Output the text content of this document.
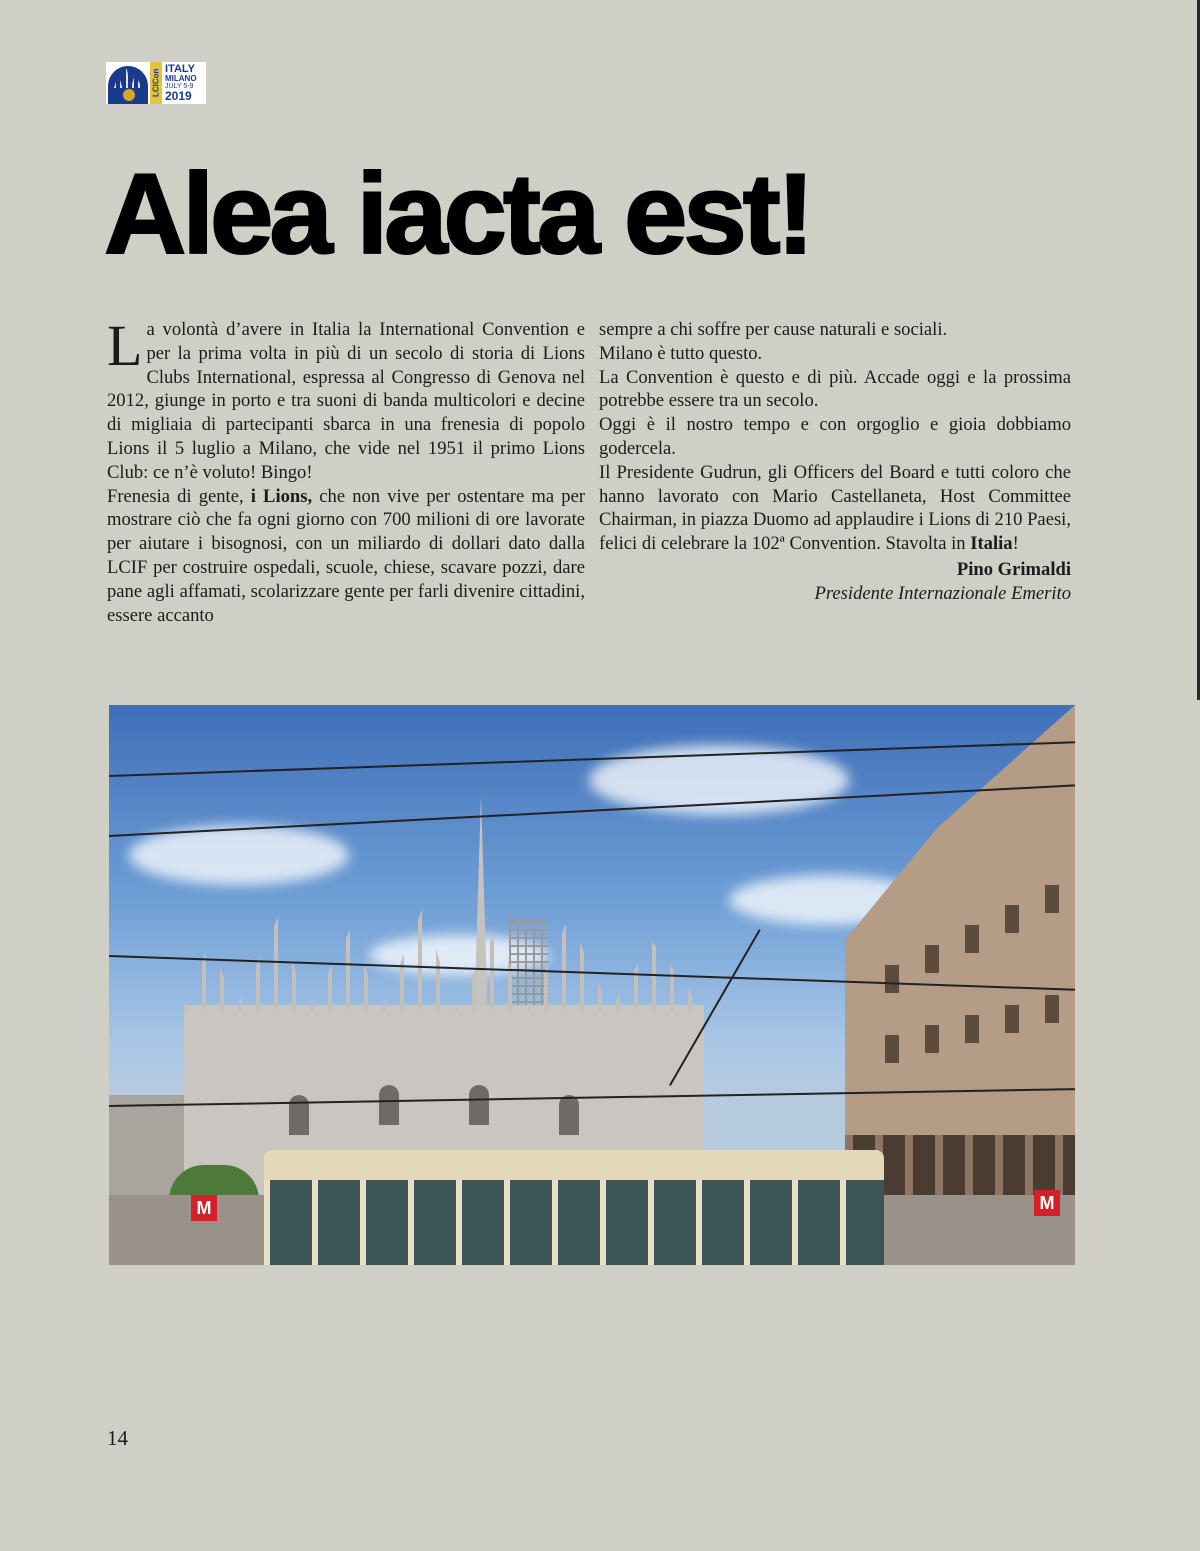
LCICon ITALY
MILANO
JULY 5-9
2019
Alea iacta est!

La volontà d’avere in Italia la International Convention e per la prima volta in più di un secolo di storia di Lions Clubs International, espressa al Congresso di Genova nel 2012, giunge in porto e tra suoni di banda multicolori e decine di migliaia di partecipanti sbarca in una frenesia di popolo Lions il 5 luglio a Milano, che vide nel 1951 il primo Lions Club: ce n’è voluto! Bingo!

Frenesia di gente, i Lions, che non vive per ostentare ma per mostrare ciò che fa ogni giorno con 700 milioni di ore lavorate per aiutare i bisognosi, con un miliardo di dollari dato dalla LCIF per costruire ospedali, scuole, chiese, scavare pozzi, dare pane agli affamati, scolarizzare gente per farli divenire cittadini, essere accanto

sempre a chi soffre per cause naturali e sociali.

Milano è tutto questo.

La Convention è questo e di più. Accade oggi e la prossima potrebbe essere tra un secolo.

Oggi è il nostro tempo e con orgoglio e gioia dobbiamo godercela.

Il Presidente Gudrun, gli Officers del Board e tutti coloro che hanno lavorato con Mario Castellaneta, Host Committee Chairman, in piazza Duomo ad applaudire i Lions di 210 Paesi, felici di celebrare la 102ª Convention. Stavolta in Italia!

Pino Grimaldi
Presidente Internazionale Emerito
M
M
14
